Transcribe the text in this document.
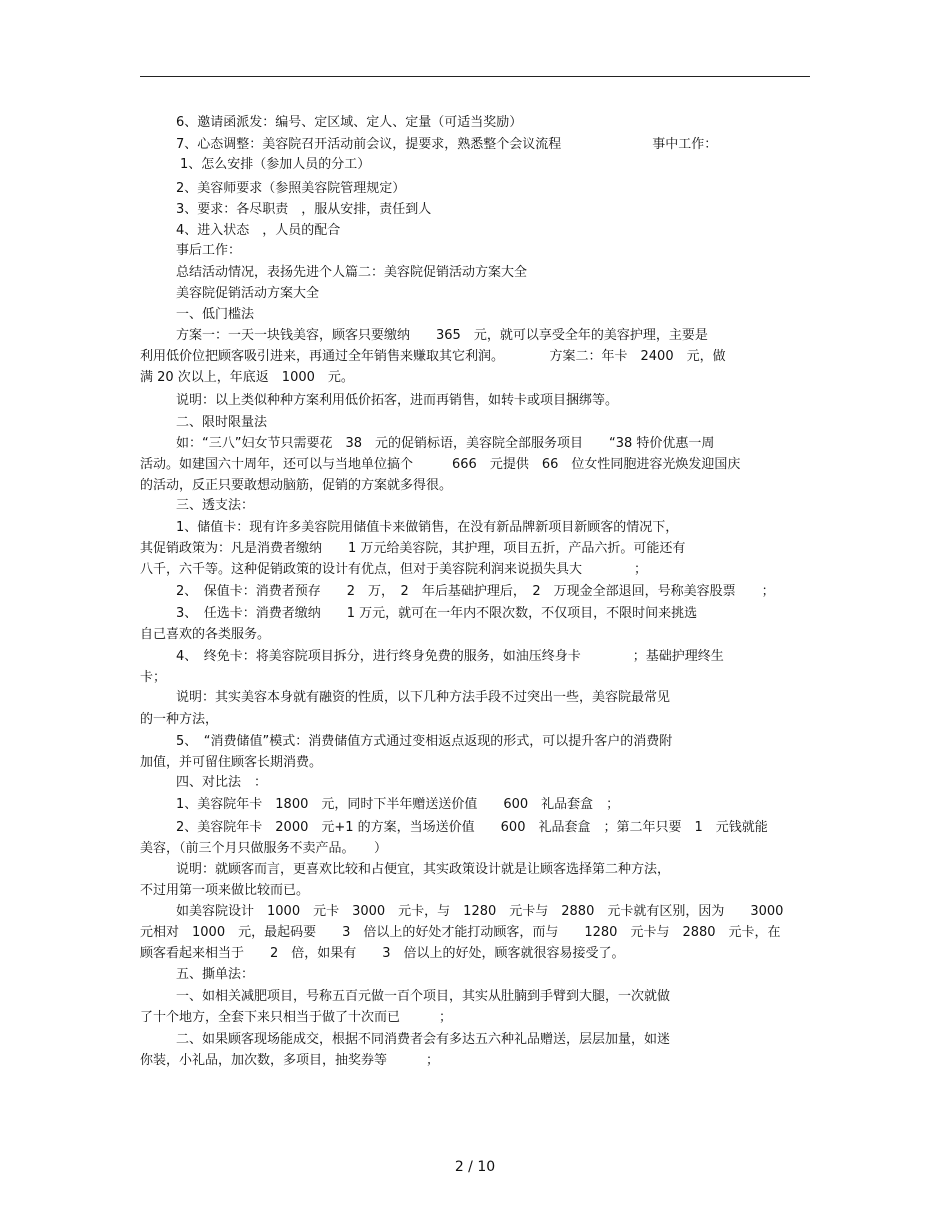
6、邀请函派发：编号、定区域、定人、定量（可适当奖励）
7、心态调整：美容院召开活动前会议，提要求，熟悉整个会议流程　　　　　　　事中工作：
1、怎么安排（参加人员的分工）
2、美容师要求（参照美容院管理规定）
3、要求：各尽职责　，服从安排，责任到人
4、进入状态　，人员的配合
事后工作：
总结活动情况，表扬先进个人篇二：美容院促销活动方案大全
美容院促销活动方案大全
一、低门槛法
方案一：一天一块钱美容，顾客只要缴纳　　365　元，就可以享受全年的美容护理，主要是
利用低价位把顾客吸引进来，再通过全年销售来赚取其它利润。　　　　方案二：年卡　2400　元，做
满 20 次以上，年底返　1000　元。
说明：以上类似种种方案利用低价拓客，进而再销售，如转卡或项目捆绑等。
二、限时限量法
如：“三八”妇女节只需要花　38　元的促销标语，美容院全部服务项目　　“38 特价优惠一周
活动。如建国六十周年，还可以与当地单位搞个　　　666　元提供　66　位女性同胞进容光焕发迎国庆
的活动，反正只要敢想动脑筋，促销的方案就多得很。
三、透支法：
1、储值卡：现有许多美容院用储值卡来做销售，在没有新品牌新项目新顾客的情况下，
其促销政策为：凡是消费者缴纳　　1 万元给美容院，其护理，项目五折，产品六折。可能还有
八千，六千等。这种促销政策的设计有优点，但对于美容院利润来说损失具大　　　　；
2、　保值卡：消费者预存　　2　万，　2　年后基础护理后，　2　万现金全部退回，号称美容股票　　；
3、　任选卡：消费者缴纳　　1 万元，就可在一年内不限次数，不仅项目，不限时间来挑选
自己喜欢的各类服务。
4、　终免卡：将美容院项目拆分，进行终身免费的服务，如油压终身卡　　　　；基础护理终生
卡；
说明：其实美容本身就有融资的性质，以下几种方法手段不过突出一些，美容院最常见
的一种方法，
5、　“消费储值”模式：消费储值方式通过变相返点返现的形式，可以提升客户的消费附
加值，并可留住顾客长期消费。
四、对比法　：
1、美容院年卡　1800　元，同时下半年赠送送价值　　600　礼品套盒　；
2、美容院年卡　2000　元+1 的方案，当场送价值　　600　礼品套盒　；第二年只要　1　元钱就能
美容，（前三个月只做服务不卖产品。　　）
说明：就顾客而言，更喜欢比较和占便宜，其实政策设计就是让顾客选择第二种方法，
不过用第一项来做比较而已。
如美容院设计　1000　元卡　3000　元卡，与　1280　元卡与　2880　元卡就有区别，因为　　3000
元相对　1000　元，最起码要　　3　倍以上的好处才能打动顾客，而与　　1280　元卡与　2880　元卡，在
顾客看起来相当于　　2　倍，如果有　　3　倍以上的好处，顾客就很容易接受了。
五、撕单法：
一、如相关减肥项目，号称五百元做一百个项目，其实从肚腩到手臂到大腿，一次就做
了十个地方，全套下来只相当于做了十次而已　　　；
二、如果顾客现场能成交，根据不同消费者会有多达五六种礼品赠送，层层加量，如迷
你装，小礼品，加次数，多项目，抽奖券等　　　；
2 / 10
